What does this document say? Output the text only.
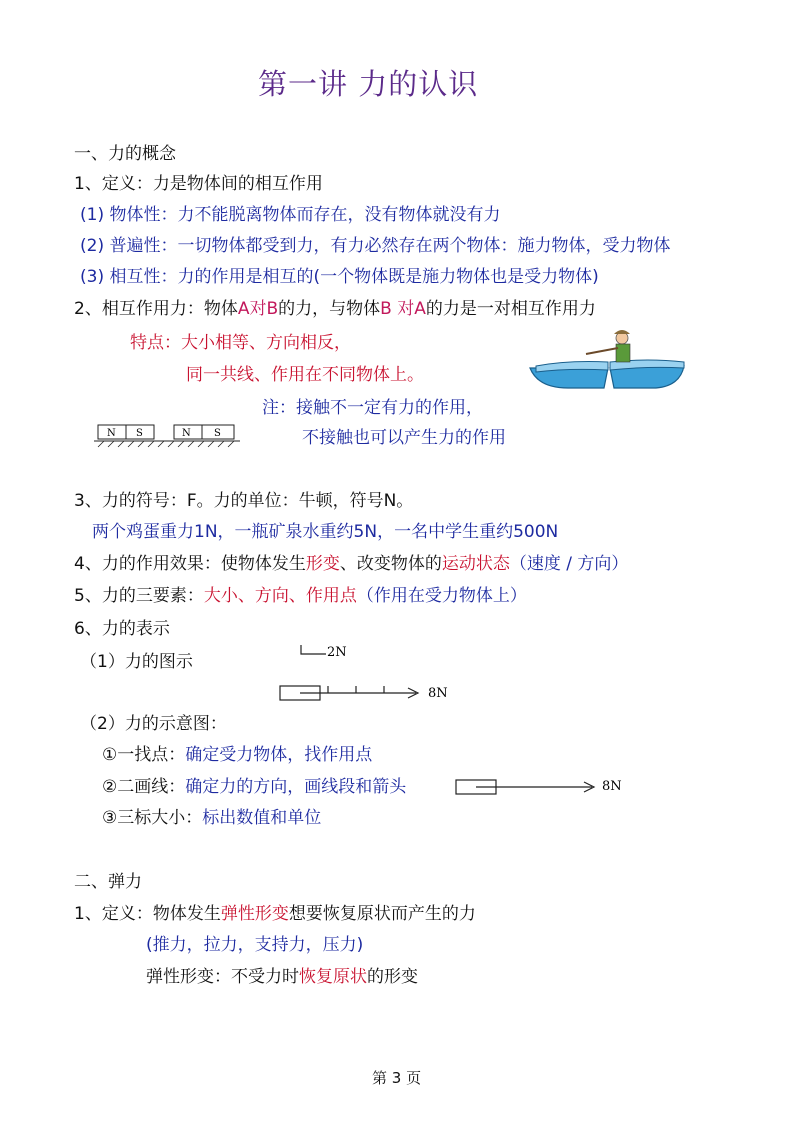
第一讲 力的认识
一、力的概念
1、定义：力是物体间的相互作用
(1) 物体性：力不能脱离物体而存在，没有物体就没有力
(2) 普遍性：一切物体都受到力，有力必然存在两个物体：施力物体，受力物体
(3) 相互性：力的作用是相互的(一个物体既是施力物体也是受力物体)
2、相互作用力：物体A对B的力，与物体B 对A的力是一对相互作用力
特点：大小相等、方向相反，
同一共线、作用在不同物体上。
注：接触不一定有力的作用，
不接触也可以产生力的作用
N S	N S
3、力的符号：F。力的单位：牛顿，符号N。
两个鸡蛋重力1N，一瓶矿泉水重约5N，一名中学生重约500N
4、力的作用效果：使物体发生形变、改变物体的运动状态（速度 / 方向）
5、力的三要素：大小、方向、作用点（作用在受力物体上）
6、力的表示
（1）力的图示	2N
8N
（2）力的示意图：
①一找点：确定受力物体，找作用点
②二画线：确定力的方向，画线段和箭头
③三标大小：标出数值和单位
8N
二、弹力
1、定义：物体发生弹性形变想要恢复原状而产生的力
(推力，拉力，支持力，压力)
弹性形变：不受力时恢复原状的形变
第 3 页
